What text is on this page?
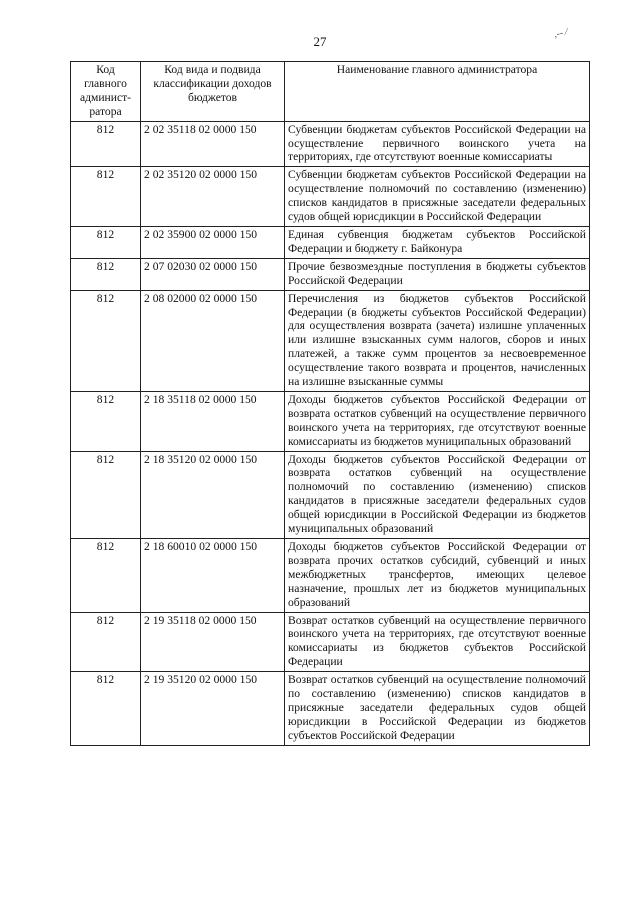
27
,-- ⁄
Код главного админист-ратора	Код вида и подвида классификации доходов бюджетов	Наименование главного администратора
812	2 02 35118 02 0000 150	Субвенции бюджетам субъектов Российской Федерации на осуществление первичного воинского учета на территориях, где отсутствуют военные комиссариаты
812	2 02 35120 02 0000 150	Субвенции бюджетам субъектов Российской Федерации на осуществление полномочий по составлению (изменению) списков кандидатов в присяжные заседатели федеральных судов общей юрисдикции в Российской Федерации
812	2 02 35900 02 0000 150	Единая субвенция бюджетам субъектов Российской Федерации и бюджету г. Байконура
812	2 07 02030 02 0000 150	Прочие безвозмездные поступления в бюджеты субъектов Российской Федерации
812	2 08 02000 02 0000 150	Перечисления из бюджетов субъектов Российской Федерации (в бюджеты субъектов Российской Федерации) для осуществления возврата (зачета) излишне уплаченных или излишне взысканных сумм налогов, сборов и иных платежей, а также сумм процентов за несвоевременное осуществление такого возврата и процентов, начисленных на излишне взысканные суммы
812	2 18 35118 02 0000 150	Доходы бюджетов субъектов Российской Федерации от возврата остатков субвенций на осуществление первичного воинского учета на территориях, где отсутствуют военные комиссариаты из бюджетов муниципальных образований
812	2 18 35120 02 0000 150	Доходы бюджетов субъектов Российской Федерации от возврата остатков субвенций на осуществление полномочий по составлению (изменению) списков кандидатов в присяжные заседатели федеральных судов общей юрисдикции в Российской Федерации из бюджетов муниципальных образований
812	2 18 60010 02 0000 150	Доходы бюджетов субъектов Российской Федерации от возврата прочих остатков субсидий, субвенций и иных межбюджетных трансфертов, имеющих целевое назначение, прошлых лет из бюджетов муниципальных образований
812	2 19 35118 02 0000 150	Возврат остатков субвенций на осуществление первичного воинского учета на территориях, где отсутствуют военные комиссариаты из бюджетов субъектов Российской Федерации
812	2 19 35120 02 0000 150	Возврат остатков субвенций на осуществление полномочий по составлению (изменению) списков кандидатов в присяжные заседатели федеральных судов общей юрисдикции в Российской Федерации из бюджетов субъектов Российской Федерации
